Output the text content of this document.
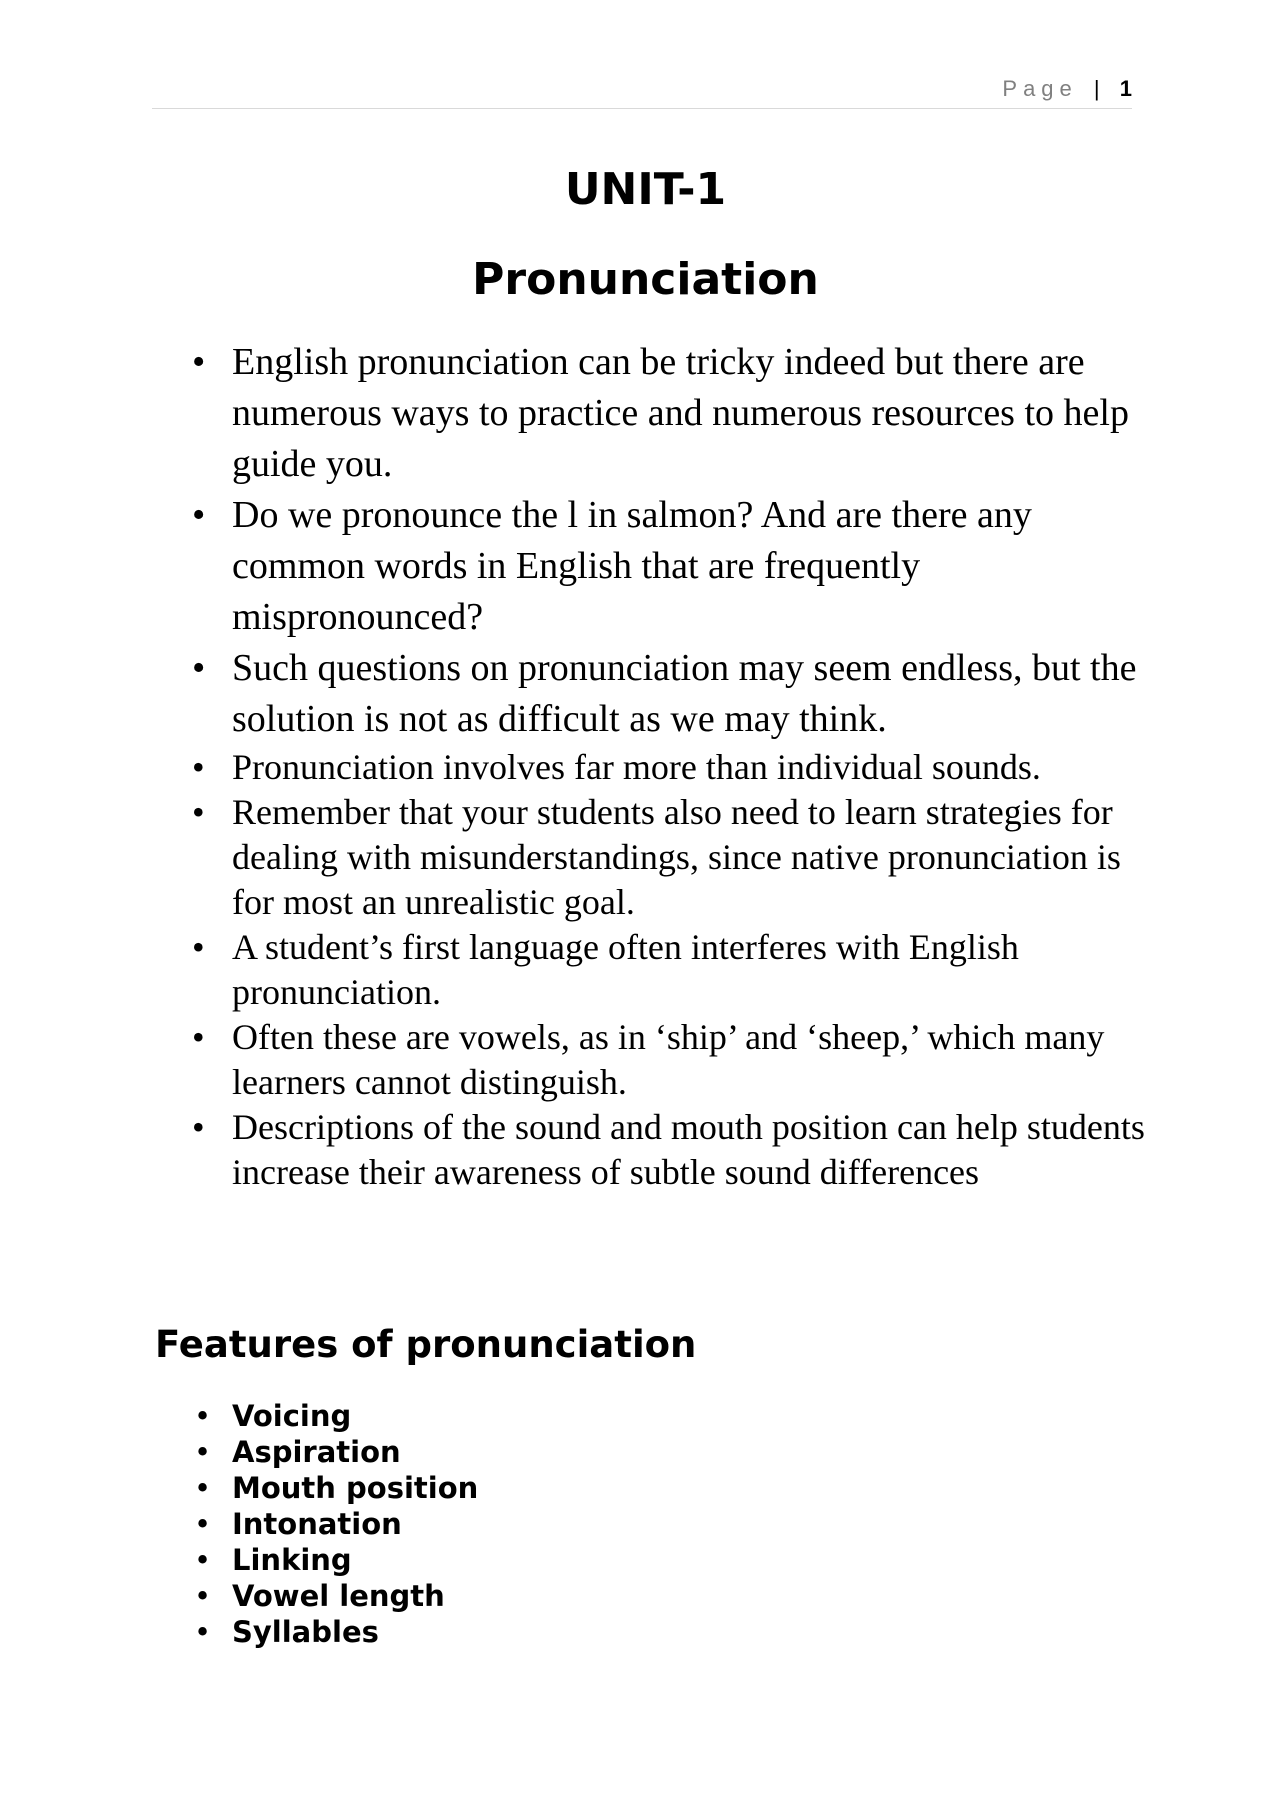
Page | 1
UNIT-1
Pronunciation
• English pronunciation can be tricky indeed but there are numerous ways to practice and numerous resources to help guide you.
• Do we pronounce the l in salmon? And are there any common words in English that are frequently mispronounced?
• Such questions on pronunciation may seem endless, but the solution is not as difficult as we may think.
• Pronunciation involves far more than individual sounds.
• Remember that your students also need to learn strategies for dealing with misunderstandings, since native pronunciation is for most an unrealistic goal.
• A student’s first language often interferes with English pronunciation.
• Often these are vowels, as in ‘ship’ and ‘sheep,’ which many learners cannot distinguish.
• Descriptions of the sound and mouth position can help students increase their awareness of subtle sound differences
Features of pronunciation
• Voicing
• Aspiration
• Mouth position
• Intonation
• Linking
• Vowel length
• Syllables
